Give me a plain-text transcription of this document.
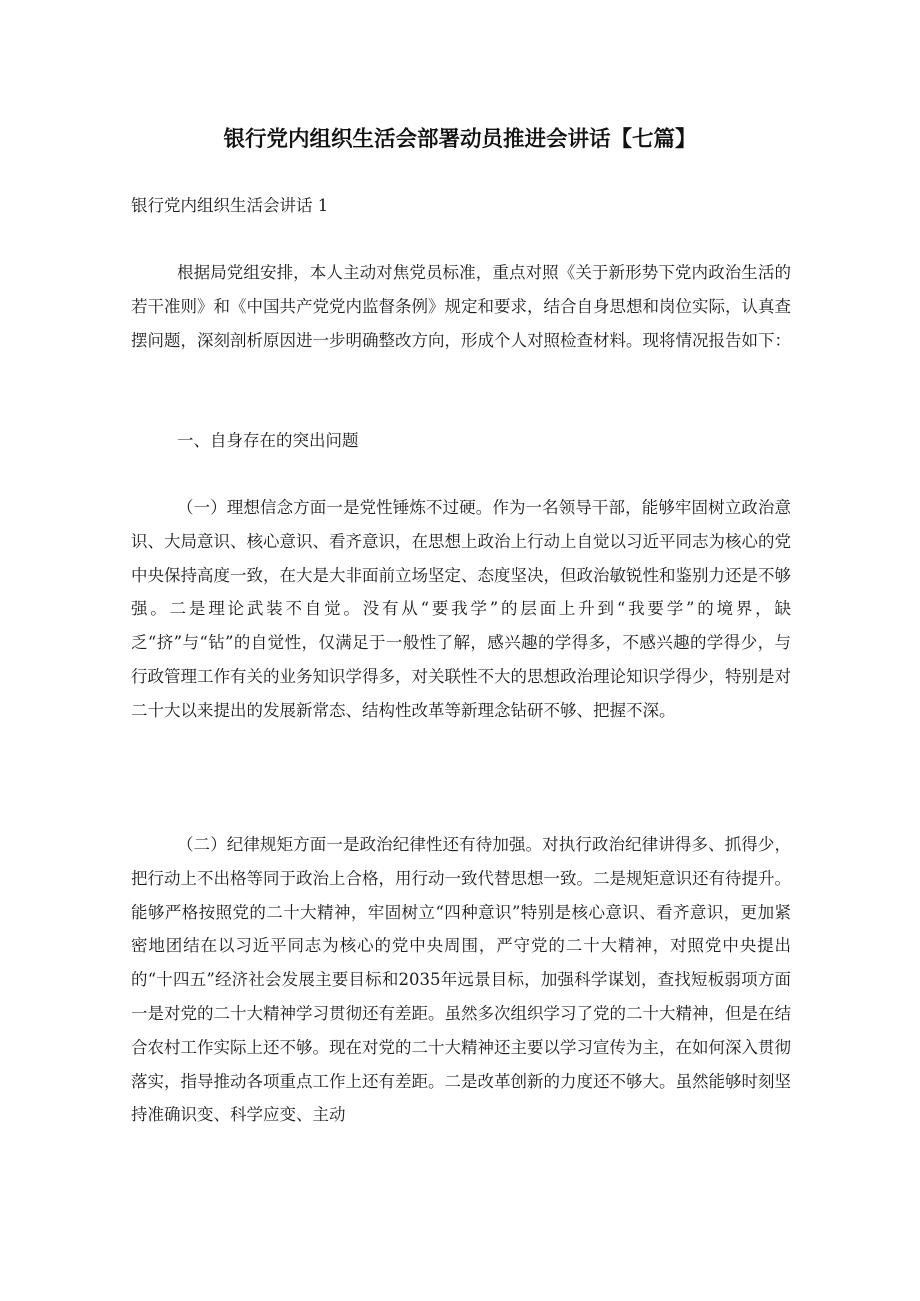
银行党内组织生活会部署动员推进会讲话【七篇】

银行党内组织生活会讲话 1

根据局党组安排，本人主动对焦党员标准，重点对照《关于新形势下党内政治生活的若干准则》和《中国共产党党内监督条例》规定和要求，结合自身思想和岗位实际，认真查摆问题，深刻剖析原因进一步明确整改方向，形成个人对照检查材料。现将情况报告如下：

一、自身存在的突出问题

（一）理想信念方面一是党性锤炼不过硬。作为一名领导干部，能够牢固树立政治意识、大局意识、核心意识、看齐意识，在思想上政治上行动上自觉以习近平同志为核心的党中央保持高度一致，在大是大非面前立场坚定、态度坚决，但政治敏锐性和鉴别力还是不够强。二是理论武装不自觉。没有从“要我学”的层面上升到“我要学”的境界，缺乏“挤”与“钻”的自觉性，仅满足于一般性了解，感兴趣的学得多，不感兴趣的学得少，与行政管理工作有关的业务知识学得多，对关联性不大的思想政治理论知识学得少，特别是对二十大以来提出的发展新常态、结构性改革等新理念钻研不够、把握不深。

（二）纪律规矩方面一是政治纪律性还有待加强。对执行政治纪律讲得多、抓得少，把行动上不出格等同于政治上合格，用行动一致代替思想一致。二是规矩意识还有待提升。能够严格按照党的二十大精神，牢固树立“四种意识”特别是核心意识、看齐意识，更加紧密地团结在以习近平同志为核心的党中央周围，严守党的二十大精神，对照党中央提出的“十四五”经济社会发展主要目标和2035年远景目标，加强科学谋划，查找短板弱项方面一是对党的二十大精神学习贯彻还有差距。虽然多次组织学习了党的二十大精神，但是在结合农村工作实际上还不够。现在对党的二十大精神还主要以学习宣传为主，在如何深入贯彻落实，指导推动各项重点工作上还有差距。二是改革创新的力度还不够大。虽然能够时刻坚持准确识变、科学应变、主动
